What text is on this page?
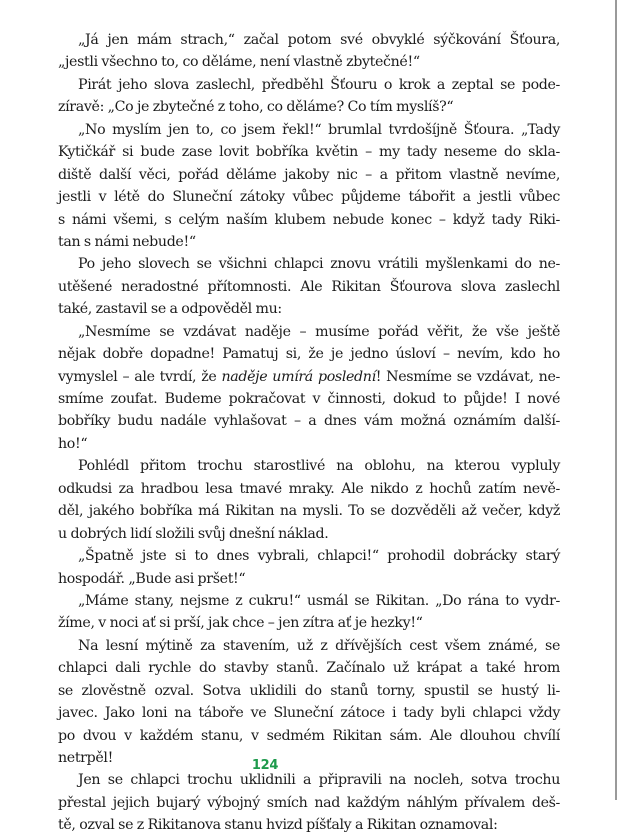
„Já jen mám strach,“ začal potom své obvyklé sýčkování Šťoura,
„jestli všechno to, co děláme, není vlastně zbytečné!“
Pirát jeho slova zaslechl, předběhl Šťouru o krok a zeptal se pode-
zíravě: „Co je zbytečné z toho, co děláme? Co tím myslíš?“
„No myslím jen to, co jsem řekl!“ brumlal tvrdošíjně Šťoura. „Tady
Kytičkář si bude zase lovit bobříka květin – my tady neseme do skla-
diště další věci, pořád děláme jakoby nic – a přitom vlastně nevíme,
jestli v létě do Sluneční zátoky vůbec půjdeme tábořit a jestli vůbec
s námi všemi, s celým naším klubem nebude konec – když tady Riki-
tan s námi nebude!“
Po jeho slovech se všichni chlapci znovu vrátili myšlenkami do ne-
utěšené neradostné přítomnosti. Ale Rikitan Šťourova slova zaslechl
také, zastavil se a odpověděl mu:
„Nesmíme se vzdávat naděje – musíme pořád věřit, že vše ještě
nějak dobře dopadne! Pamatuj si, že je jedno úsloví – nevím, kdo ho
vymyslel – ale tvrdí, že naděje umírá poslední! Nesmíme se vzdávat, ne-
smíme zoufat. Budeme pokračovat v činnosti, dokud to půjde! I nové
bobříky budu nadále vyhlašovat – a dnes vám možná oznámím další-
ho!“
Pohlédl přitom trochu starostlivé na oblohu, na kterou vypluly
odkudsi za hradbou lesa tmavé mraky. Ale nikdo z hochů zatím nevě-
děl, jakého bobříka má Rikitan na mysli. To se dozvěděli až večer, když
u dobrých lidí složili svůj dnešní náklad.
„Špatně jste si to dnes vybrali, chlapci!“ prohodil dobrácky starý
hospodář. „Bude asi pršet!“
„Máme stany, nejsme z cukru!“ usmál se Rikitan. „Do rána to vydr-
žíme, v noci ať si prší, jak chce – jen zítra ať je hezky!“
Na lesní mýtině za stavením, už z dřívějších cest všem známé, se
chlapci dali rychle do stavby stanů. Začínalo už krápat a také hrom
se zlověstně ozval. Sotva uklidili do stanů torny, spustil se hustý li-
javec. Jako loni na táboře ve Sluneční zátoce i tady byli chlapci vždy
po dvou v každém stanu, v sedmém Rikitan sám. Ale dlouhou chvílí
netrpěl!
Jen se chlapci trochu uklidnili a připravili na nocleh, sotva trochu
přestal jejich bujarý výbojný smích nad každým náhlým přívalem deš-
tě, ozval se z Rikitanova stanu hvizd píšťaly a Rikitan oznamoval:
124
